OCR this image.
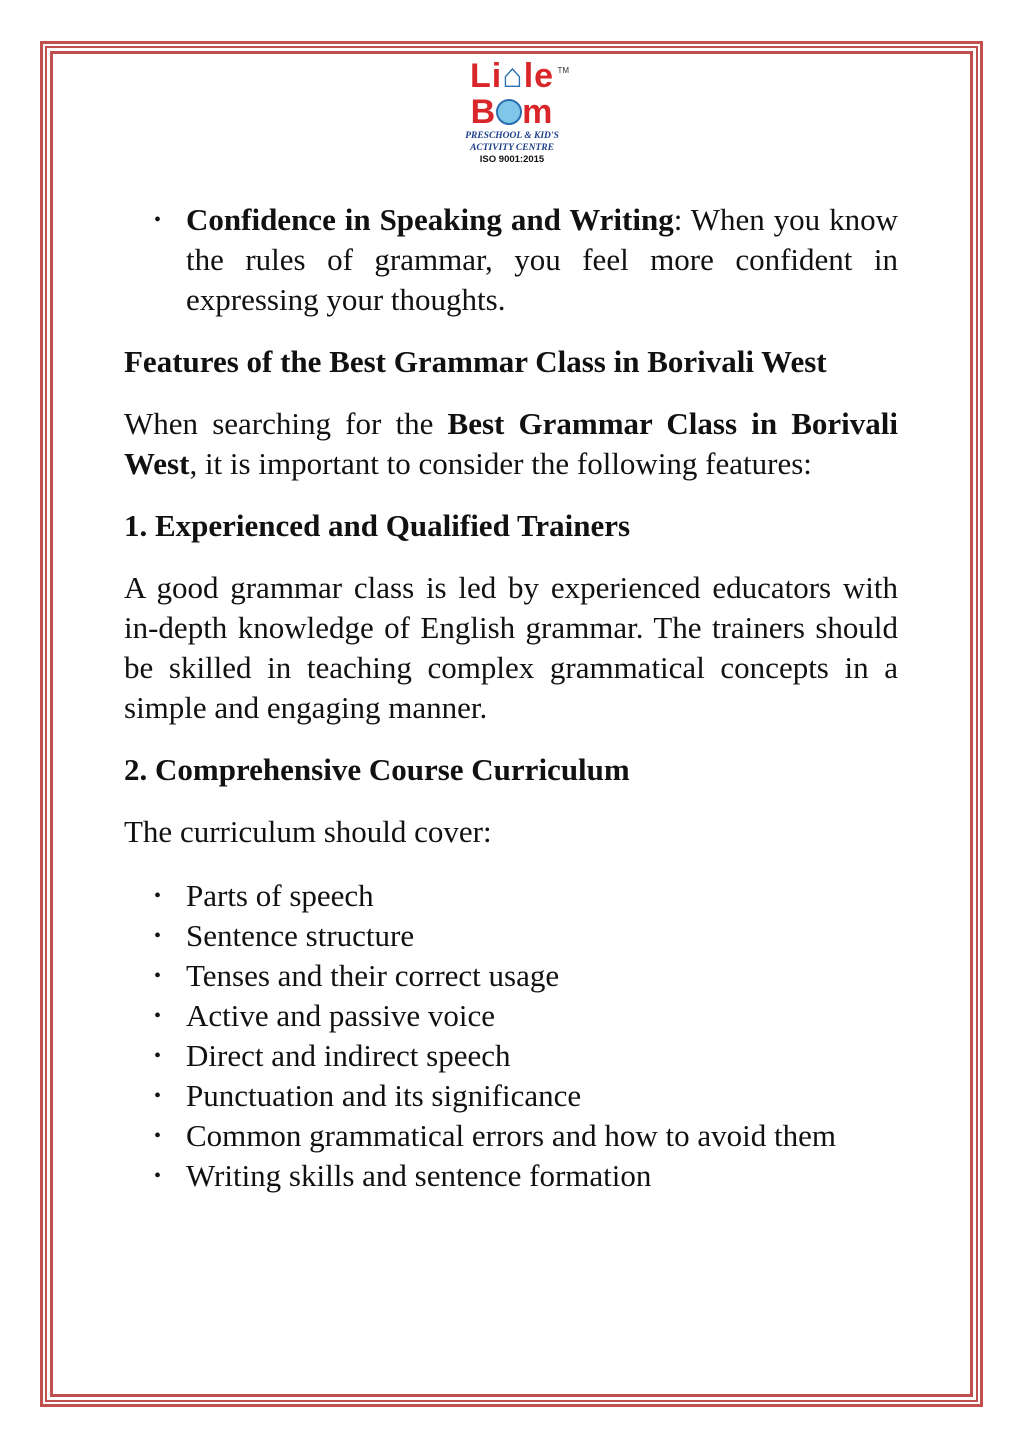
TM
Li⌂le
B m
PRESCHOOL & KID'S
ACTIVITY CENTRE
ISO 9001:2015
• Confidence in Speaking and Writing: When you know the rules of grammar, you feel more confident in expressing your thoughts.

Features of the Best Grammar Class in Borivali West

When searching for the Best Grammar Class in Borivali West, it is important to consider the following features:

1. Experienced and Qualified Trainers

A good grammar class is led by experienced educators with in-depth knowledge of English grammar. The trainers should be skilled in teaching complex grammatical concepts in a simple and engaging manner.

2. Comprehensive Course Curriculum

The curriculum should cover:

• Parts of speech
• Sentence structure
• Tenses and their correct usage
• Active and passive voice
• Direct and indirect speech
• Punctuation and its significance
• Common grammatical errors and how to avoid them
• Writing skills and sentence formation
